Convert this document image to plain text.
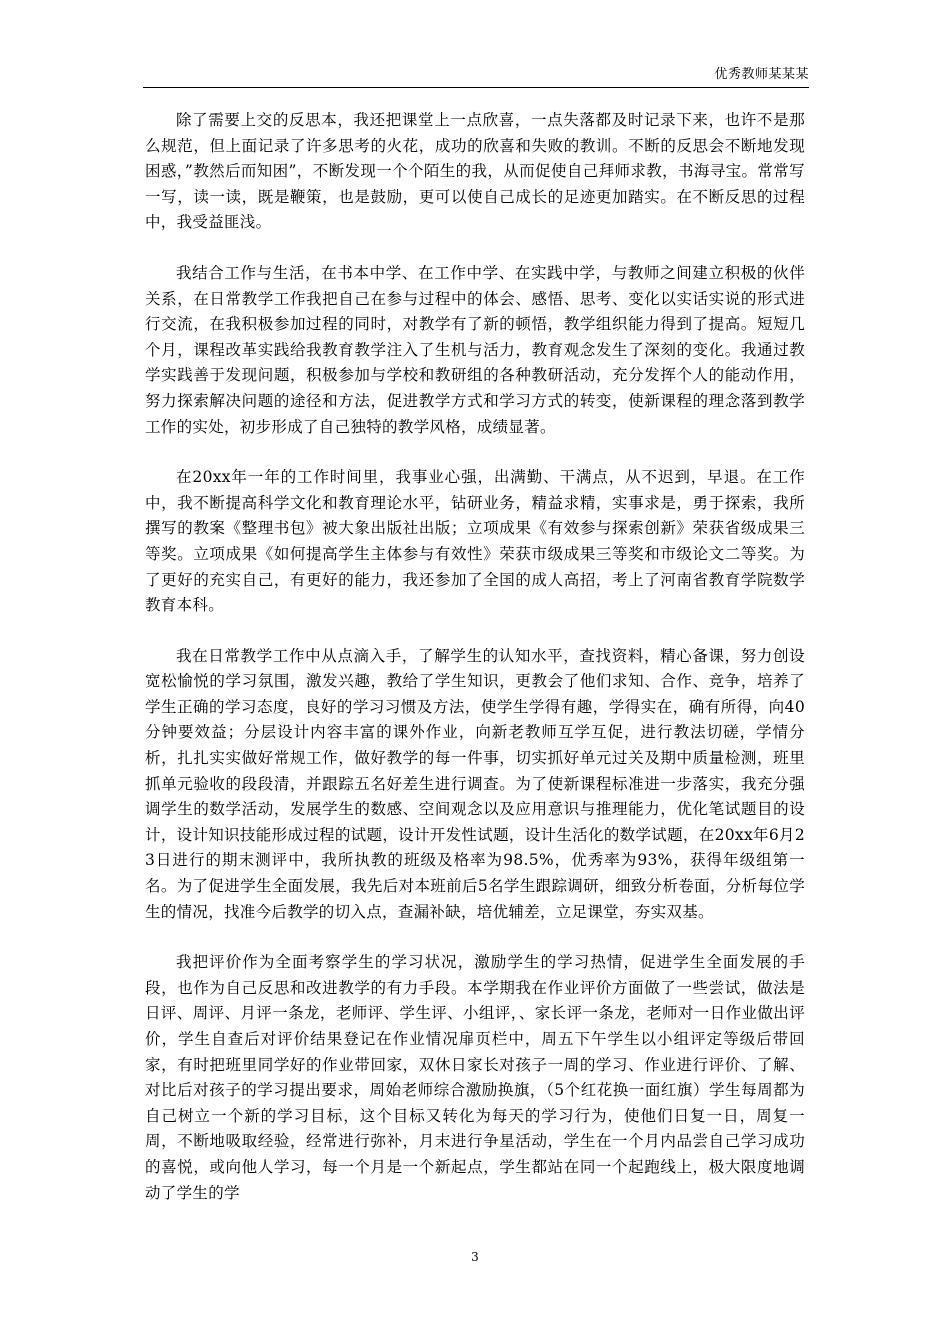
优秀教师某某某

除了需要上交的反思本，我还把课堂上一点欣喜，一点失落都及时记录下来，也许不是那么规范，但上面记录了许多思考的火花，成功的欣喜和失败的教训。不断的反思会不断地发现困惑，”教然后而知困”，不断发现一个个陌生的我，从而促使自己拜师求教，书海寻宝。常常写一写，读一读，既是鞭策，也是鼓励，更可以使自己成长的足迹更加踏实。在不断反思的过程中，我受益匪浅。

我结合工作与生活，在书本中学、在工作中学、在实践中学，与教师之间建立积极的伙伴关系，在日常教学工作我把自己在参与过程中的体会、感悟、思考、变化以实话实说的形式进行交流，在我积极参加过程的同时，对教学有了新的顿悟，教学组织能力得到了提高。短短几个月，课程改革实践给我教育教学注入了生机与活力，教育观念发生了深刻的变化。我通过教学实践善于发现问题，积极参加与学校和教研组的各种教研活动，充分发挥个人的能动作用，努力探索解决问题的途径和方法，促进教学方式和学习方式的转变，使新课程的理念落到教学工作的实处，初步形成了自己独特的教学风格，成绩显著。

在20xx年一年的工作时间里，我事业心强，出满勤、干满点，从不迟到，早退。在工作中，我不断提高科学文化和教育理论水平，钻研业务，精益求精，实事求是，勇于探索，我所撰写的教案《整理书包》被大象出版社出版；立项成果《有效参与探索创新》荣获省级成果三等奖。立项成果《如何提高学生主体参与有效性》荣获市级成果三等奖和市级论文二等奖。为了更好的充实自己，有更好的能力，我还参加了全国的成人高招，考上了河南省教育学院数学教育本科。

我在日常教学工作中从点滴入手，了解学生的认知水平，查找资料，精心备课，努力创设宽松愉悦的学习氛围，激发兴趣，教给了学生知识，更教会了他们求知、合作、竞争，培养了学生正确的学习态度，良好的学习习惯及方法，使学生学得有趣，学得实在，确有所得，向40分钟要效益；分层设计内容丰富的课外作业，向新老教师互学互促，进行教法切磋，学情分析，扎扎实实做好常规工作，做好教学的每一件事，切实抓好单元过关及期中质量检测，班里抓单元验收的段段清，并跟踪五名好差生进行调查。为了使新课程标准进一步落实，我充分强调学生的数学活动，发展学生的数感、空间观念以及应用意识与推理能力，优化笔试题目的设计，设计知识技能形成过程的试题，设计开发性试题，设计生活化的数学试题，在20xx年6月23日进行的期末测评中，我所执教的班级及格率为98.5%，优秀率为93%，获得年级组第一名。为了促进学生全面发展，我先后对本班前后5名学生跟踪调研，细致分析卷面，分析每位学生的情况，找准今后教学的切入点，查漏补缺，培优辅差，立足课堂，夯实双基。

我把评价作为全面考察学生的学习状况，激励学生的学习热情，促进学生全面发展的手段，也作为自己反思和改进教学的有力手段。本学期我在作业评价方面做了一些尝试，做法是日评、周评、月评一条龙，老师评、学生评、小组评，、家长评一条龙，老师对一日作业做出评价，学生自查后对评价结果登记在作业情况扉页栏中，周五下午学生以小组评定等级后带回家，有时把班里同学好的作业带回家，双休日家长对孩子一周的学习、作业进行评价、了解、对比后对孩子的学习提出要求，周始老师综合激励换旗，（5个红花换一面红旗）学生每周都为自己树立一个新的学习目标，这个目标又转化为每天的学习行为，使他们日复一日，周复一周，不断地吸取经验，经常进行弥补，月末进行争星活动，学生在一个月内品尝自己学习成功的喜悦，或向他人学习，每一个月是一个新起点，学生都站在同一个起跑线上，极大限度地调动了学生的学

3
